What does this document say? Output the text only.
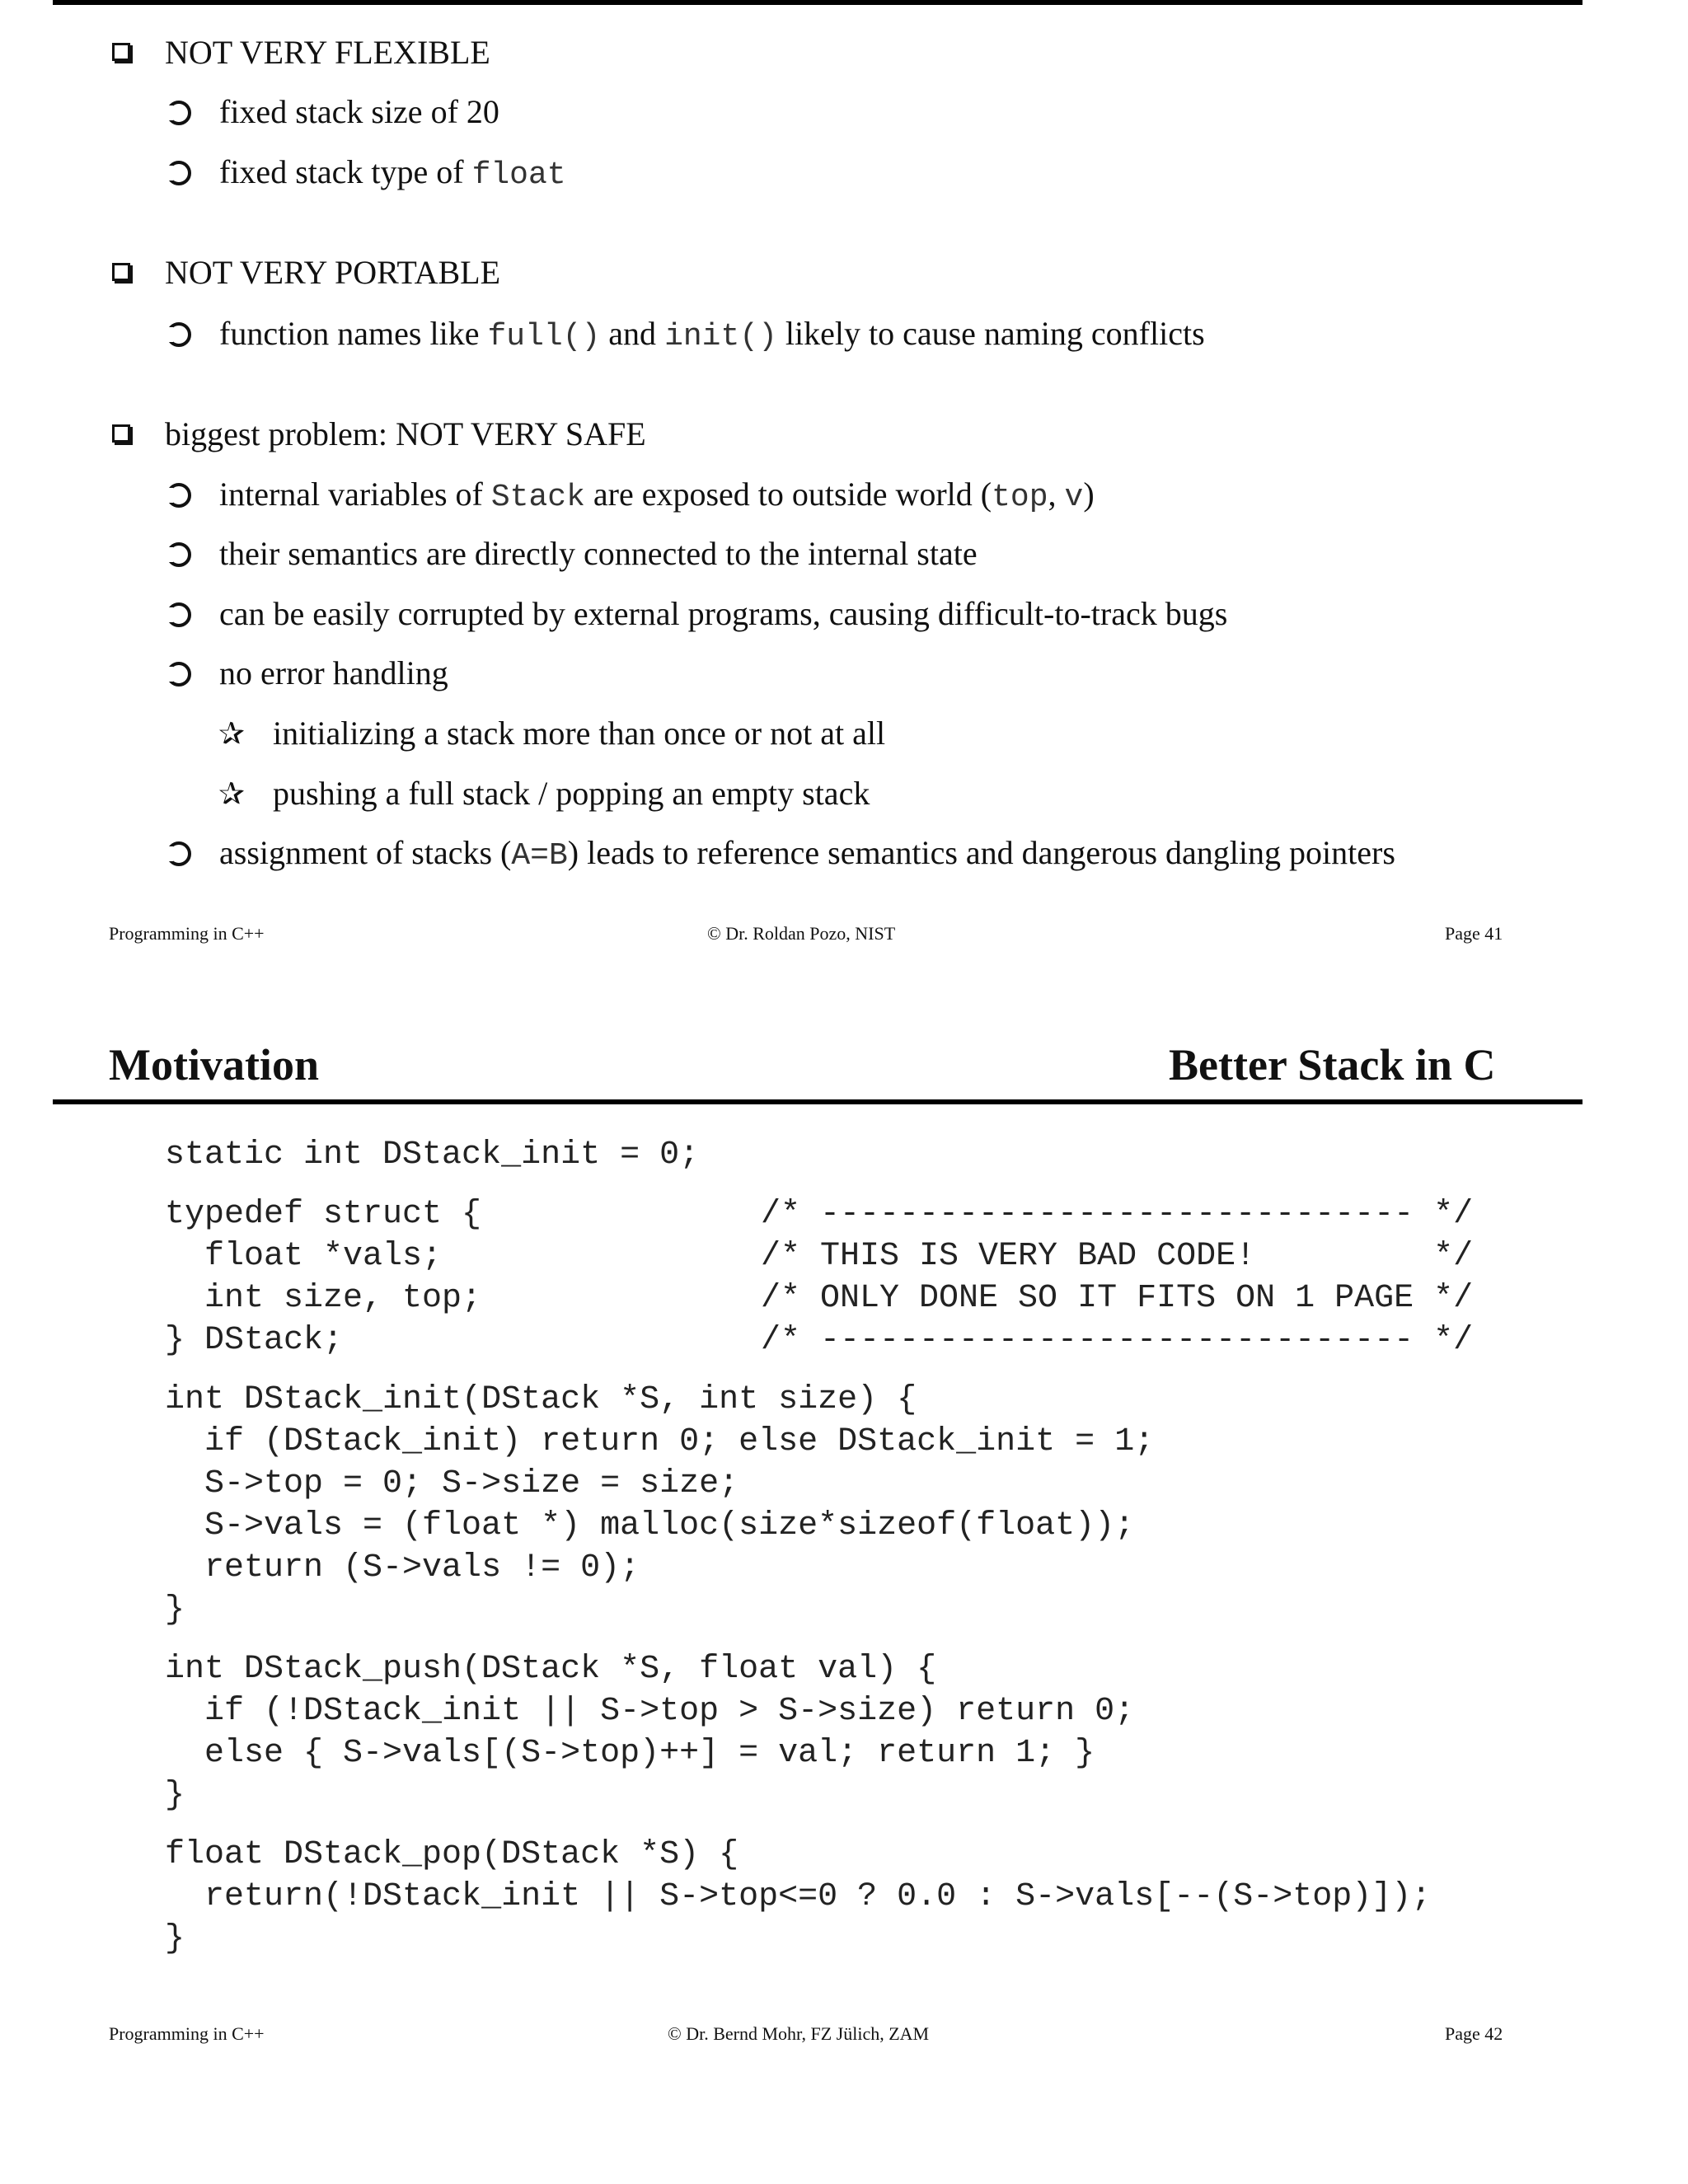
NOT VERY FLEXIBLE
fixed stack size of 20
fixed stack type of float
NOT VERY PORTABLE
function names like full() and init() likely to cause naming conflicts
biggest problem: NOT VERY SAFE
internal variables of Stack are exposed to outside world (top, v)
their semantics are directly connected to the internal state
can be easily corrupted by external programs, causing difficult-to-track bugs
no error handling
✰ initializing a stack more than once or not at all
✰ pushing a full stack / popping an empty stack
assignment of stacks (A=B) leads to reference semantics and dangerous dangling pointers
Programming in C++	© Dr. Roldan Pozo, NIST	Page 41
Motivation	Better Stack in C
static int DStack_init = 0;
typedef struct {
float *vals;
int size, top;
} DStack;
/* ------------------------------ */
/* THIS IS VERY BAD CODE!         */
/* ONLY DONE SO IT FITS ON 1 PAGE */
/* ------------------------------ */
int DStack_init(DStack *S, int size) {
if (DStack_init) return 0; else DStack_init = 1;
S->top = 0; S->size = size;
S->vals = (float *) malloc(size*sizeof(float));
return (S->vals != 0);
}
int DStack_push(DStack *S, float val) {
if (!DStack_init || S->top > S->size) return 0;
else { S->vals[(S->top)++] = val; return 1; }
}
float DStack_pop(DStack *S) {
return(!DStack_init || S->top<=0 ? 0.0 : S->vals[--(S->top)]);
}
Programming in C++	© Dr. Bernd Mohr, FZ Jülich, ZAM	Page 42
